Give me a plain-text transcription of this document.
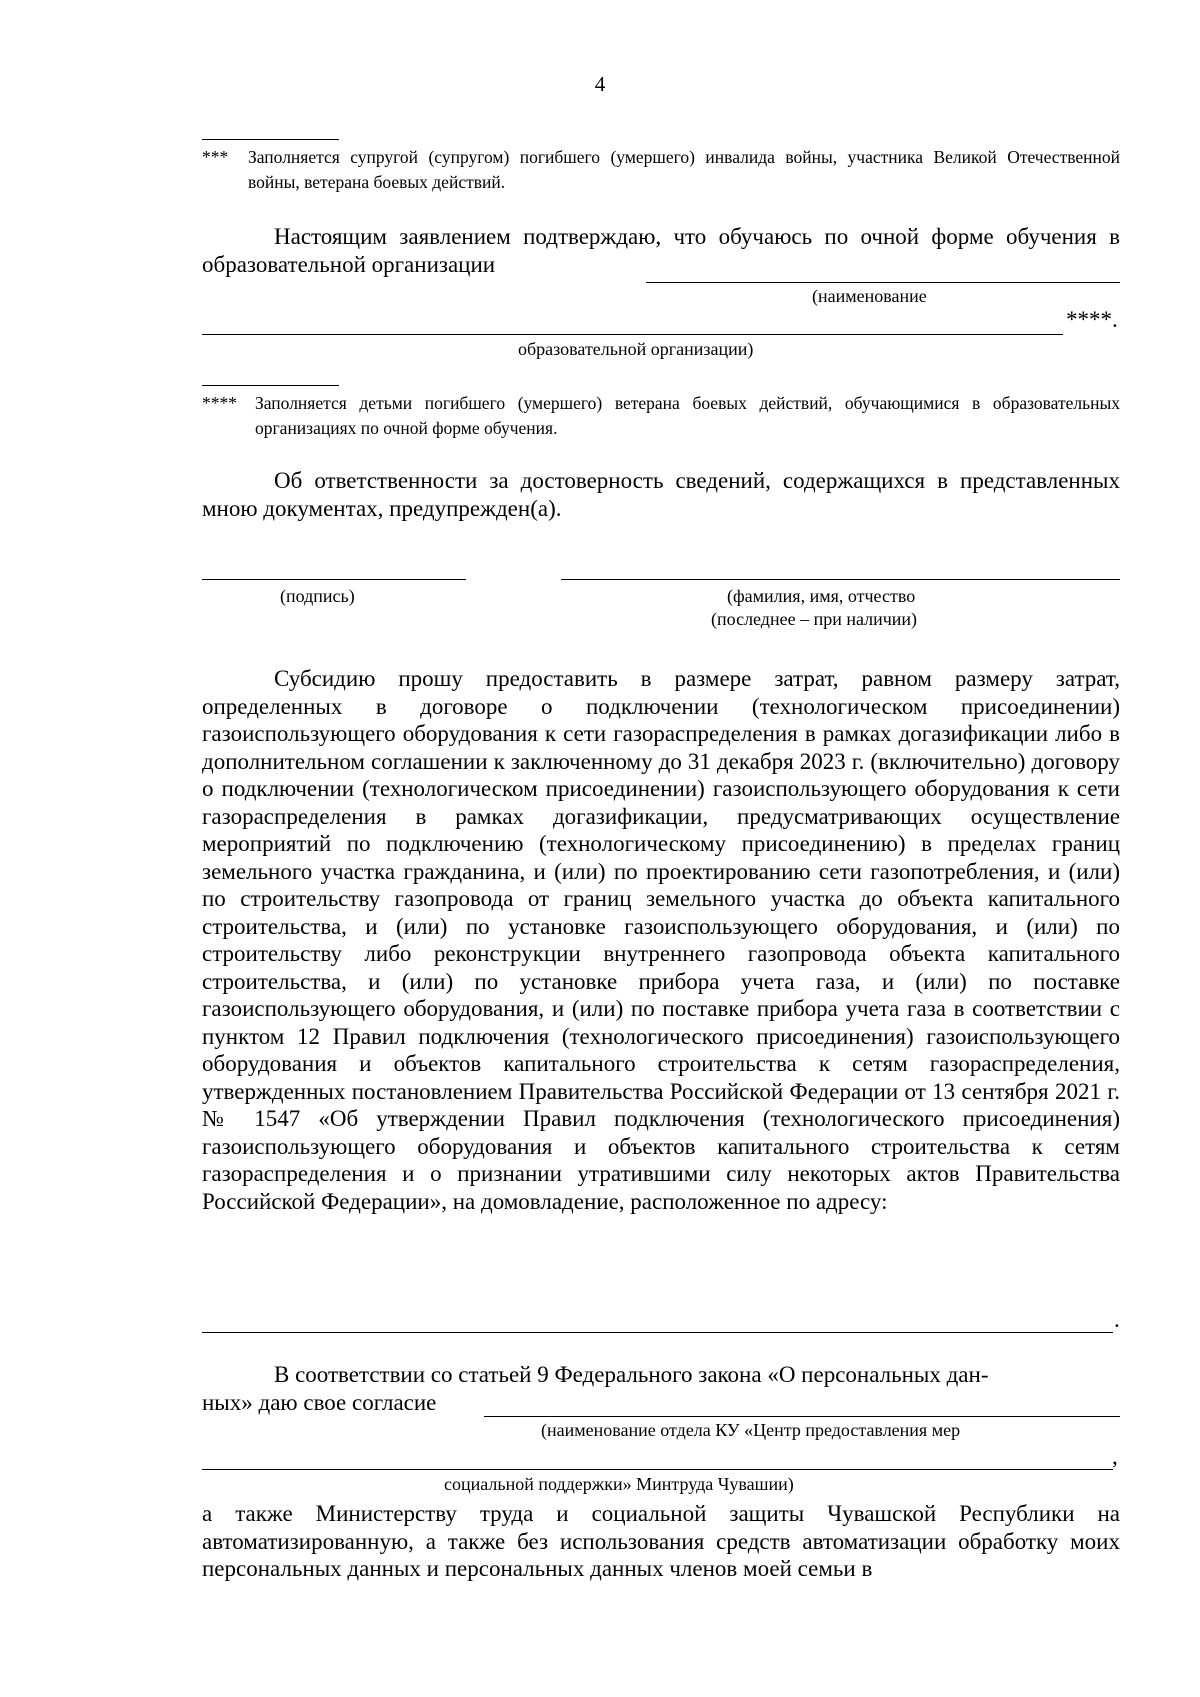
4
*** Заполняется супругой (супругом) погибшего (умершего) инвалида войны, участника Великой Отечественной войны, ветерана боевых действий.
Настоящим заявлением подтверждаю, что обучаюсь по очной форме обучения в образовательной организации
(наименование
****.
образовательной организации)
**** Заполняется детьми погибшего (умершего) ветерана боевых действий, обучающимися в образовательных организациях по очной форме обучения.
Об ответственности за достоверность сведений, содержащихся в представленных мною документах, предупрежден(а).
(подпись)	(фамилия, имя, отчество
(последнее – при наличии)
Субсидию прошу предоставить в размере затрат, равном размеру затрат, определенных в договоре о подключении (технологическом присоединении) газоиспользующего оборудования к сети газораспределения в рамках догазификации либо в дополнительном соглашении к заключенному до 31 декабря 2023 г. (включительно) договору о подключении (технологическом присоединении) газоиспользующего оборудования к сети газораспределения в рамках догазификации, предусматривающих осуществление мероприятий по подключению (технологическому присоединению) в пределах границ земельного участка гражданина, и (или) по проектированию сети газопотребления, и (или) по строительству газопровода от границ земельного участка до объекта капитального строительства, и (или) по установке газоиспользующего оборудования, и (или) по строительству либо реконструкции внутреннего газопровода объекта капитального строительства, и (или) по установке прибора учета газа, и (или) по поставке газоиспользующего оборудования, и (или) по поставке прибора учета газа в соответствии с пунктом 12 Правил подключения (технологического присоединения) газоиспользующего оборудования и объектов капитального строительства к сетям газораспределения, утвержденных постановлением Правительства Российской Федерации от 13 сентября 2021 г. № 1547 «Об утверждении Правил подключения (технологического присоединения) газоиспользующего оборудования и объектов капитального строительства к сетям газораспределения и о признании утратившими силу некоторых актов Правительства Российской Федерации», на домовладение, расположенное по адресу:
.
В соответствии со статьей 9 Федерального закона «О персональных дан-
ных» даю свое согласие
(наименование отдела КУ «Центр предоставления мер
,
социальной поддержки» Минтруда Чувашии)
а также Министерству труда и социальной защиты Чувашской Республики на автоматизированную, а также без использования средств автоматизации обработку моих персональных данных и персональных данных членов моей семьи в
